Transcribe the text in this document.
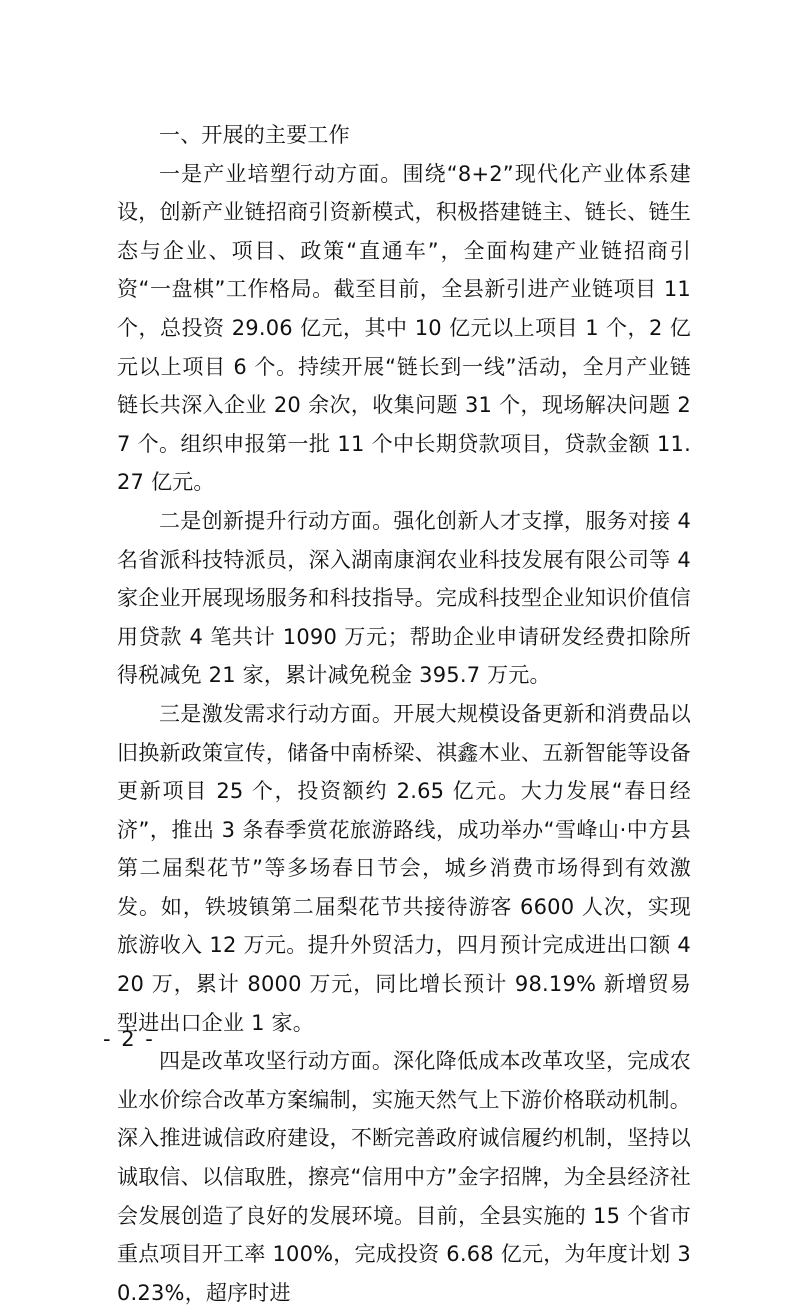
一、开展的主要工作

一是产业培塑行动方面。围绕“8+2”现代化产业体系建设，创新产业链招商引资新模式，积极搭建链主、链长、链生态与企业、项目、政策“直通车”，全面构建产业链招商引资“一盘棋”工作格局。截至目前，全县新引进产业链项目 11 个，总投资 29.06 亿元，其中 10 亿元以上项目 1 个，2 亿元以上项目 6 个。持续开展“链长到一线”活动，全月产业链链长共深入企业 20 余次，收集问题 31 个，现场解决问题 27 个。组织申报第一批 11 个中长期贷款项目，贷款金额 11.27 亿元。

二是创新提升行动方面。强化创新人才支撑，服务对接 4 名省派科技特派员，深入湖南康润农业科技发展有限公司等 4 家企业开展现场服务和科技指导。完成科技型企业知识价值信用贷款 4 笔共计 1090 万元；帮助企业申请研发经费扣除所得税减免 21 家，累计减免税金 395.7 万元。

三是激发需求行动方面。开展大规模设备更新和消费品以旧换新政策宣传，储备中南桥梁、祺鑫木业、五新智能等设备更新项目 25 个，投资额约 2.65 亿元。大力发展“春日经济”，推出 3 条春季赏花旅游路线，成功举办“雪峰山·中方县第二届梨花节”等多场春日节会，城乡消费市场得到有效激发。如，铁坡镇第二届梨花节共接待游客 6600 人次，实现旅游收入 12 万元。提升外贸活力，四月预计完成进出口额 420 万，累计 8000 万元，同比增长预计 98.19% 新增贸易型进出口企业 1 家。

四是改革攻坚行动方面。深化降低成本改革攻坚，完成农业水价综合改革方案编制，实施天然气上下游价格联动机制。深入推进诚信政府建设，不断完善政府诚信履约机制，坚持以诚取信、以信取胜，擦亮“信用中方”金字招牌，为全县经济社会发展创造了良好的发展环境。目前，全县实施的 15 个省市重点项目开工率 100%，完成投资 6.68 亿元，为年度计划 30.23%，超序时进

- 2 -
